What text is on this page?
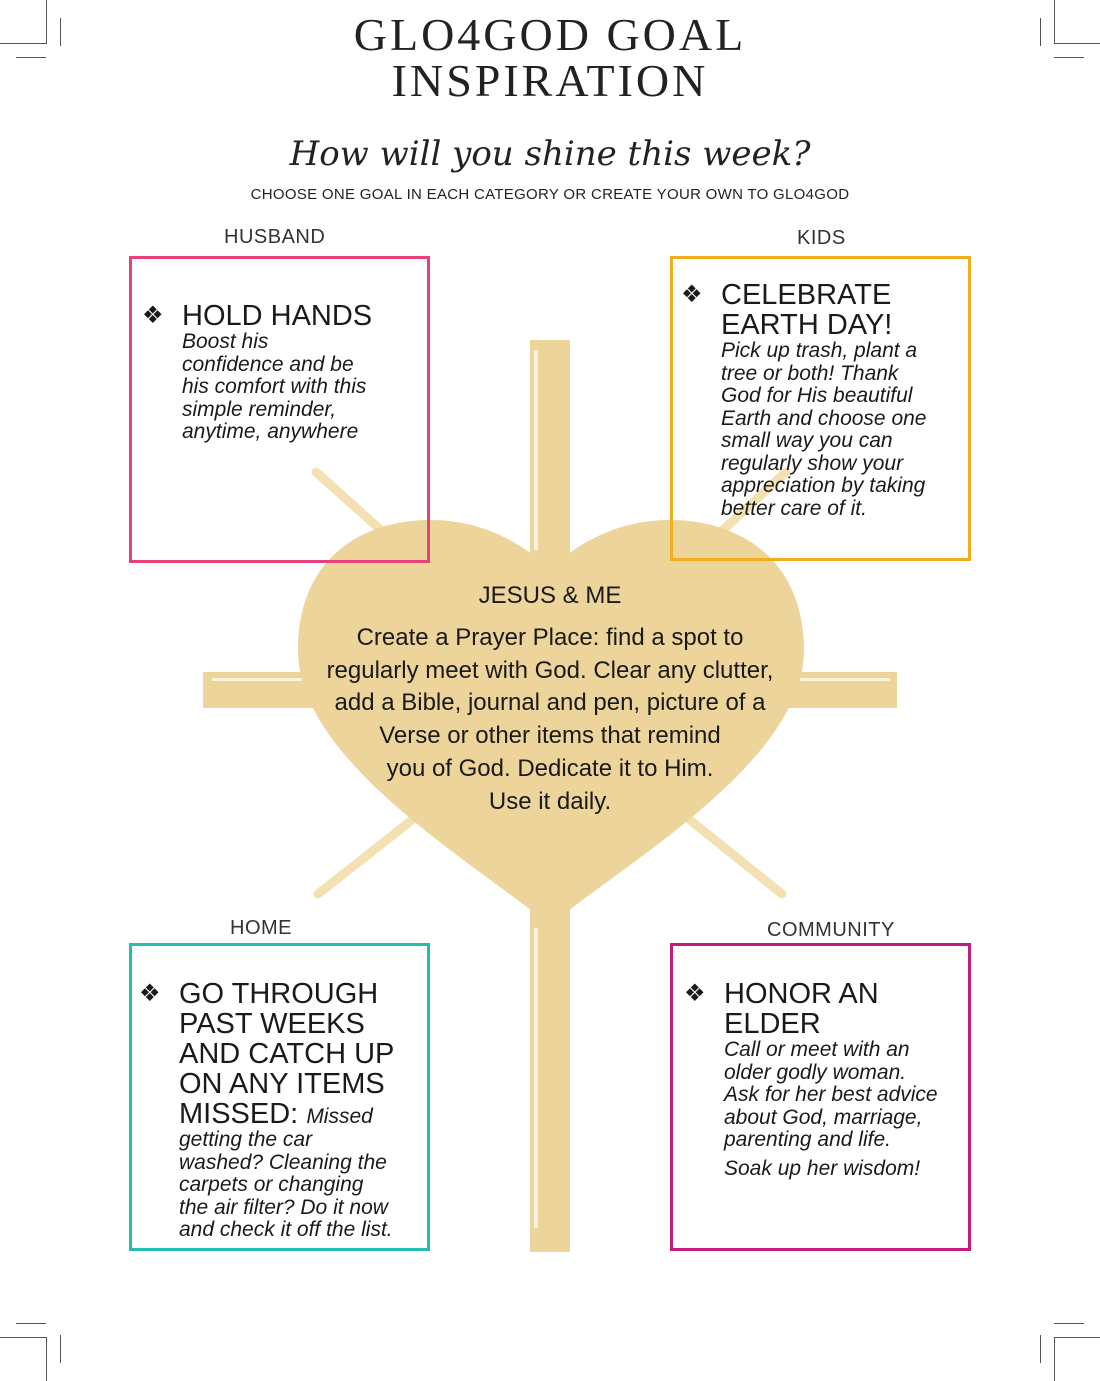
GLO4GOD GOAL
INSPIRATION
How will you shine this week?
CHOOSE ONE GOAL IN EACH CATEGORY OR CREATE YOUR OWN TO GLO4GOD
HUSBAND
❖ HOLD HANDS
Boost his
confidence and be
his comfort with this
simple reminder,
anytime, anywhere
KIDS
❖ CELEBRATE
EARTH DAY!
Pick up trash, plant a
tree or both! Thank
God for His beautiful
Earth and choose one
small way you can
regularly show your
appreciation by taking
better care of it.
JESUS & ME
Create a Prayer Place: find a spot to
regularly meet with God. Clear any clutter,
add a Bible, journal and pen, picture of a
Verse or other items that remind
you of God. Dedicate it to Him.
Use it daily.
HOME
❖ GO THROUGH
PAST WEEKS
AND CATCH UP
ON ANY ITEMS
MISSED: Missed
getting the car
washed? Cleaning the
carpets or changing
the air filter? Do it now
and check it off the list.
COMMUNITY
❖ HONOR AN
ELDER
Call or meet with an
older godly woman.
Ask for her best advice
about God, marriage,
parenting and life.
Soak up her wisdom!
